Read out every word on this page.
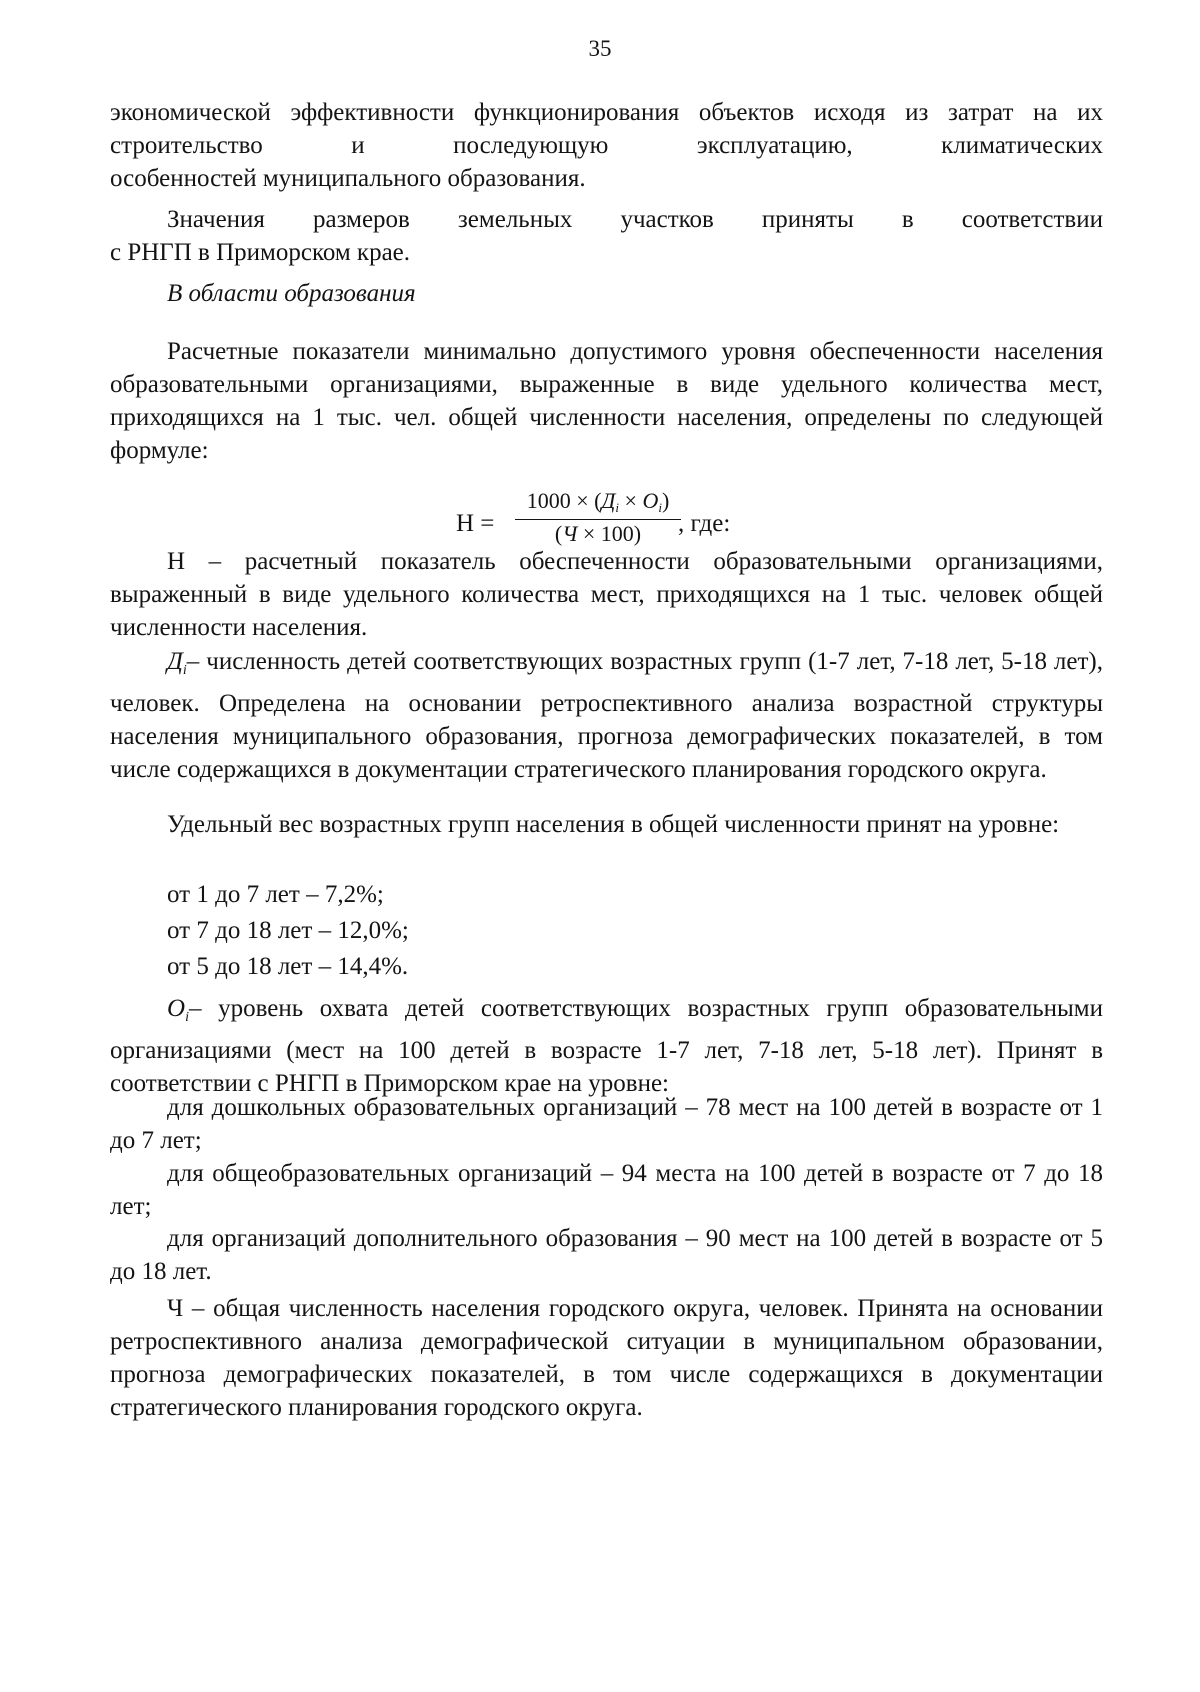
35
экономической эффективности функционирования объектов исходя из затрат на их строительство и последующую эксплуатацию, климатических
особенностей муниципального образования.
Значения размеров земельных участков приняты в соответствии
с РНГП в Приморском крае.
В области образования
Расчетные показатели минимально допустимого уровня обеспеченности населения образовательными организациями, выраженные в виде удельного количества мест, приходящихся на 1 тыс. чел. общей численности населения, определены по следующей формуле:
Н =
1000 × (Дi × Оi)
(Ч × 100)	, где:
Н – расчетный показатель обеспеченности образовательными организациями, выраженный в виде удельного количества мест, приходящихся на 1 тыс. человек общей численности населения.
$Д_i-$ численность детей соответствующих возрастных групп (1-7 лет, 7-18 лет, 5-18 лет), человек. Определена на основании ретроспективного анализа возрастной структуры населения муниципального образования, прогноза демографических показателей, в том числе содержащихся в документации стратегического планирования городского округа.
Удельный вес возрастных групп населения в общей численности принят на уровне:
от 1 до 7 лет – 7,2%;
от 7 до 18 лет – 12,0%;
от 5 до 18 лет – 14,4%.
$О_i-$ уровень охвата детей соответствующих возрастных групп образовательными организациями (мест на 100 детей в возрасте 1-7 лет, 7-18 лет, 5-18 лет). Принят в соответствии с РНГП в Приморском крае на уровне:
для дошкольных образовательных организаций – 78 мест на 100 детей в возрасте от 1 до 7 лет;
для общеобразовательных организаций – 94 места на 100 детей в возрасте от 7 до 18 лет;
для организаций дополнительного образования – 90 мест на 100 детей в возрасте от 5 до 18 лет.
Ч – общая численность населения городского округа, человек. Принята на основании ретроспективного анализа демографической ситуации в муниципальном образовании, прогноза демографических показателей, в том числе содержащихся в документации стратегического планирования городского округа.
